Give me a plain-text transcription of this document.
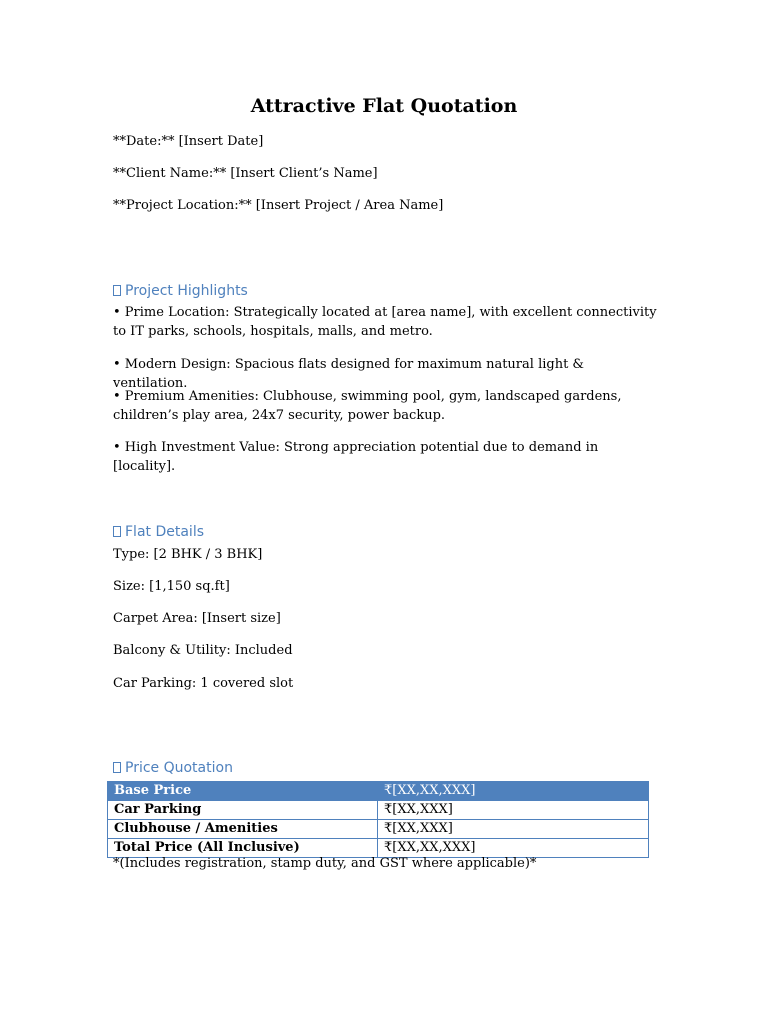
Attractive Flat Quotation
**Date:** [Insert Date]
**Client Name:** [Insert Client’s Name]
**Project Location:** [Insert Project / Area Name]
Project Highlights
• Prime Location: Strategically located at [area name], with excellent connectivity to IT parks, schools, hospitals, malls, and metro.
• Modern Design: Spacious flats designed for maximum natural light & ventilation.
• Premium Amenities: Clubhouse, swimming pool, gym, landscaped gardens, children’s play area, 24x7 security, power backup.
• High Investment Value: Strong appreciation potential due to demand in [locality].
Flat Details
Type: [2 BHK / 3 BHK]
Size: [1,150 sq.ft]
Carpet Area: [Insert size]
Balcony & Utility: Included
Car Parking: 1 covered slot
Price Quotation
Base Price	₹[XX,XX,XXX]
Car Parking	₹[XX,XXX]
Clubhouse / Amenities	₹[XX,XXX]
Total Price (All Inclusive)	₹[XX,XX,XXX]
*(Includes registration, stamp duty, and GST where applicable)*
